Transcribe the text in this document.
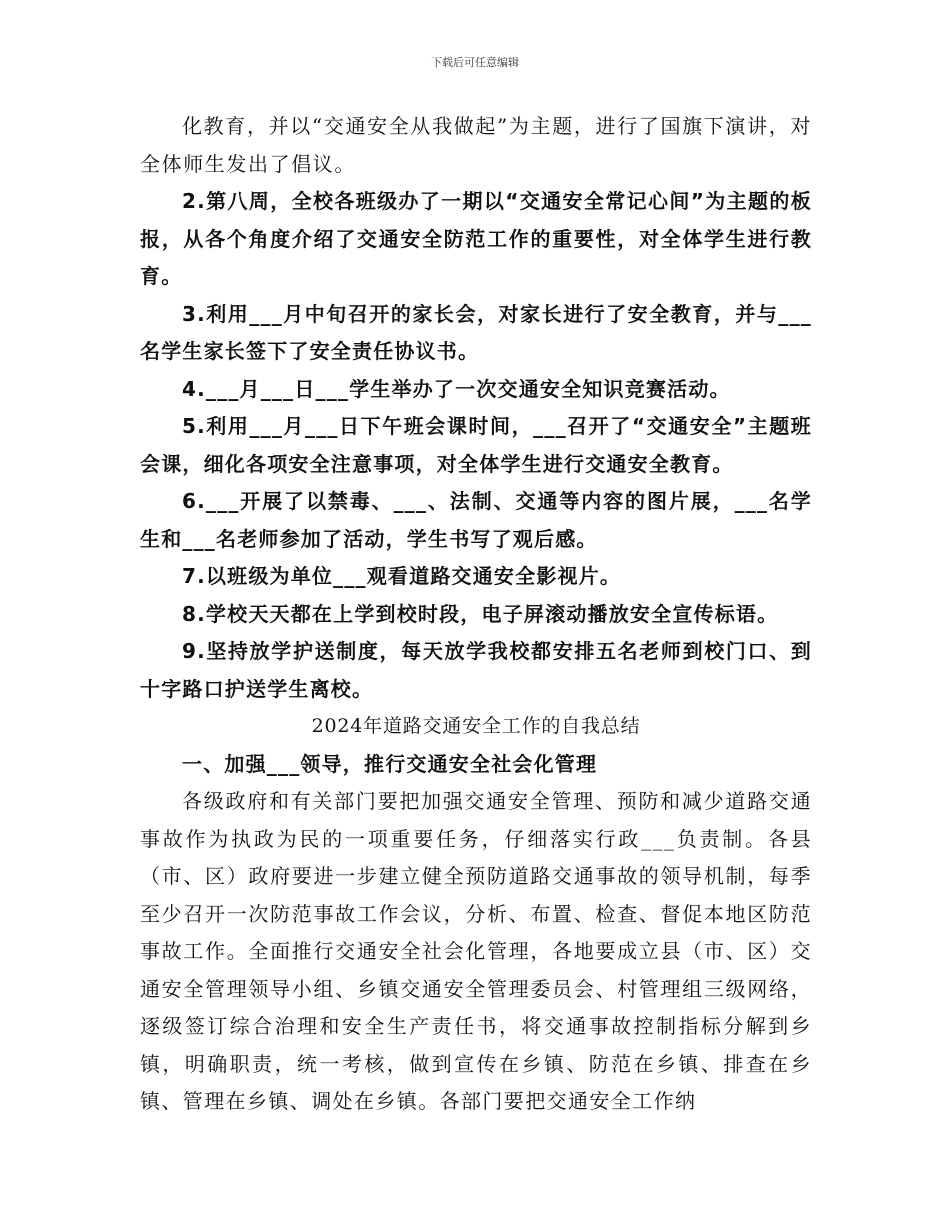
下载后可任意编辑

化教育，并以“交通安全从我做起”为主题，进行了国旗下演讲，对全体师生发出了倡议。

2.第八周，全校各班级办了一期以“交通安全常记心间”为主题的板报，从各个角度介绍了交通安全防范工作的重要性，对全体学生进行教育。

3.利用___月中旬召开的家长会，对家长进行了安全教育，并与___名学生家长签下了安全责任协议书。

4.___月___日___学生举办了一次交通安全知识竞赛活动。

5.利用___月___日下午班会课时间，___召开了“交通安全”主题班会课，细化各项安全注意事项，对全体学生进行交通安全教育。

6.___开展了以禁毒、___、法制、交通等内容的图片展，___名学生和___名老师参加了活动，学生书写了观后感。

7.以班级为单位___观看道路交通安全影视片。

8.学校天天都在上学到校时段，电子屏滚动播放安全宣传标语。

9.坚持放学护送制度，每天放学我校都安排五名老师到校门口、到十字路口护送学生离校。

2024年道路交通安全工作的自我总结

一、加强___领导，推行交通安全社会化管理

各级政府和有关部门要把加强交通安全管理、预防和减少道路交通事故作为执政为民的一项重要任务，仔细落实行政___负责制。各县（市、区）政府要进一步建立健全预防道路交通事故的领导机制，每季至少召开一次防范事故工作会议，分析、布置、检查、督促本地区防范事故工作。全面推行交通安全社会化管理，各地要成立县（市、区）交通安全管理领导小组、乡镇交通安全管理委员会、村管理组三级网络，逐级签订综合治理和安全生产责任书，将交通事故控制指标分解到乡镇，明确职责，统一考核，做到宣传在乡镇、防范在乡镇、排查在乡镇、管理在乡镇、调处在乡镇。各部门要把交通安全工作纳
